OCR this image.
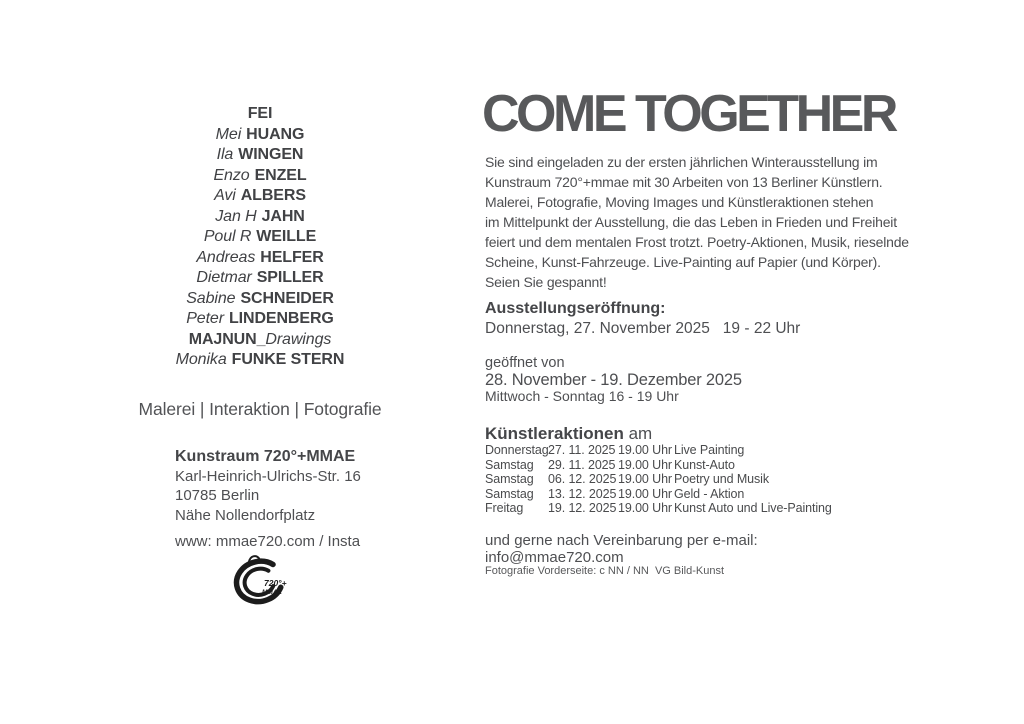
FEI
Mei HUANG
Ila WINGEN
Enzo ENZEL
Avi ALBERS
Jan H JAHN
Poul R WEILLE
Andreas HELFER
Dietmar SPILLER
Sabine SCHNEIDER
Peter LINDENBERG
MAJNUN_Drawings
Monika FUNKE STERN
Malerei | Interaktion | Fotografie
Kunstraum 720°+MMAE
Karl-Heinrich-Ulrichs-Str. 16
10785 Berlin
Nähe Nollendorfplatz
www: mmae720.com / Insta
720°+
MMAE
COME TOGETHER

Sie sind eingeladen zu der ersten jährlichen Winterausstellung im
Kunstraum 720°+mmae mit 30 Arbeiten von 13 Berliner Künstlern.
Malerei, Fotografie, Moving Images und Künstleraktionen stehen
im Mittelpunkt der Ausstellung, die das Leben in Frieden und Freiheit
feiert und dem mentalen Frost trotzt. Poetry-Aktionen, Musik, rieselnde
Scheine, Kunst-Fahrzeuge. Live-Painting auf Papier (und Körper).
Seien Sie gespannt!

Ausstellungseröffnung:
Donnerstag, 27. November 2025   19 - 22 Uhr
geöffnet von
28. November - 19. Dezember 2025
Mittwoch - Sonntag 16 - 19 Uhr
Künstleraktionen am
Donnerstag 27. 11. 2025 19.00 Uhr Live Painting
Samstag	29. 11. 2025 19.00 Uhr Kunst-Auto
Samstag	06. 12. 2025 19.00 Uhr Poetry und Musik
Samstag	13. 12. 2025 19.00 Uhr Geld - Aktion
Freitag	19. 12. 2025 19.00 Uhr Kunst Auto und Live-Painting
und gerne nach Vereinbarung per e-mail:
info@mmae720.com
Fotografie Vorderseite: c NN / NN  VG Bild-Kunst
